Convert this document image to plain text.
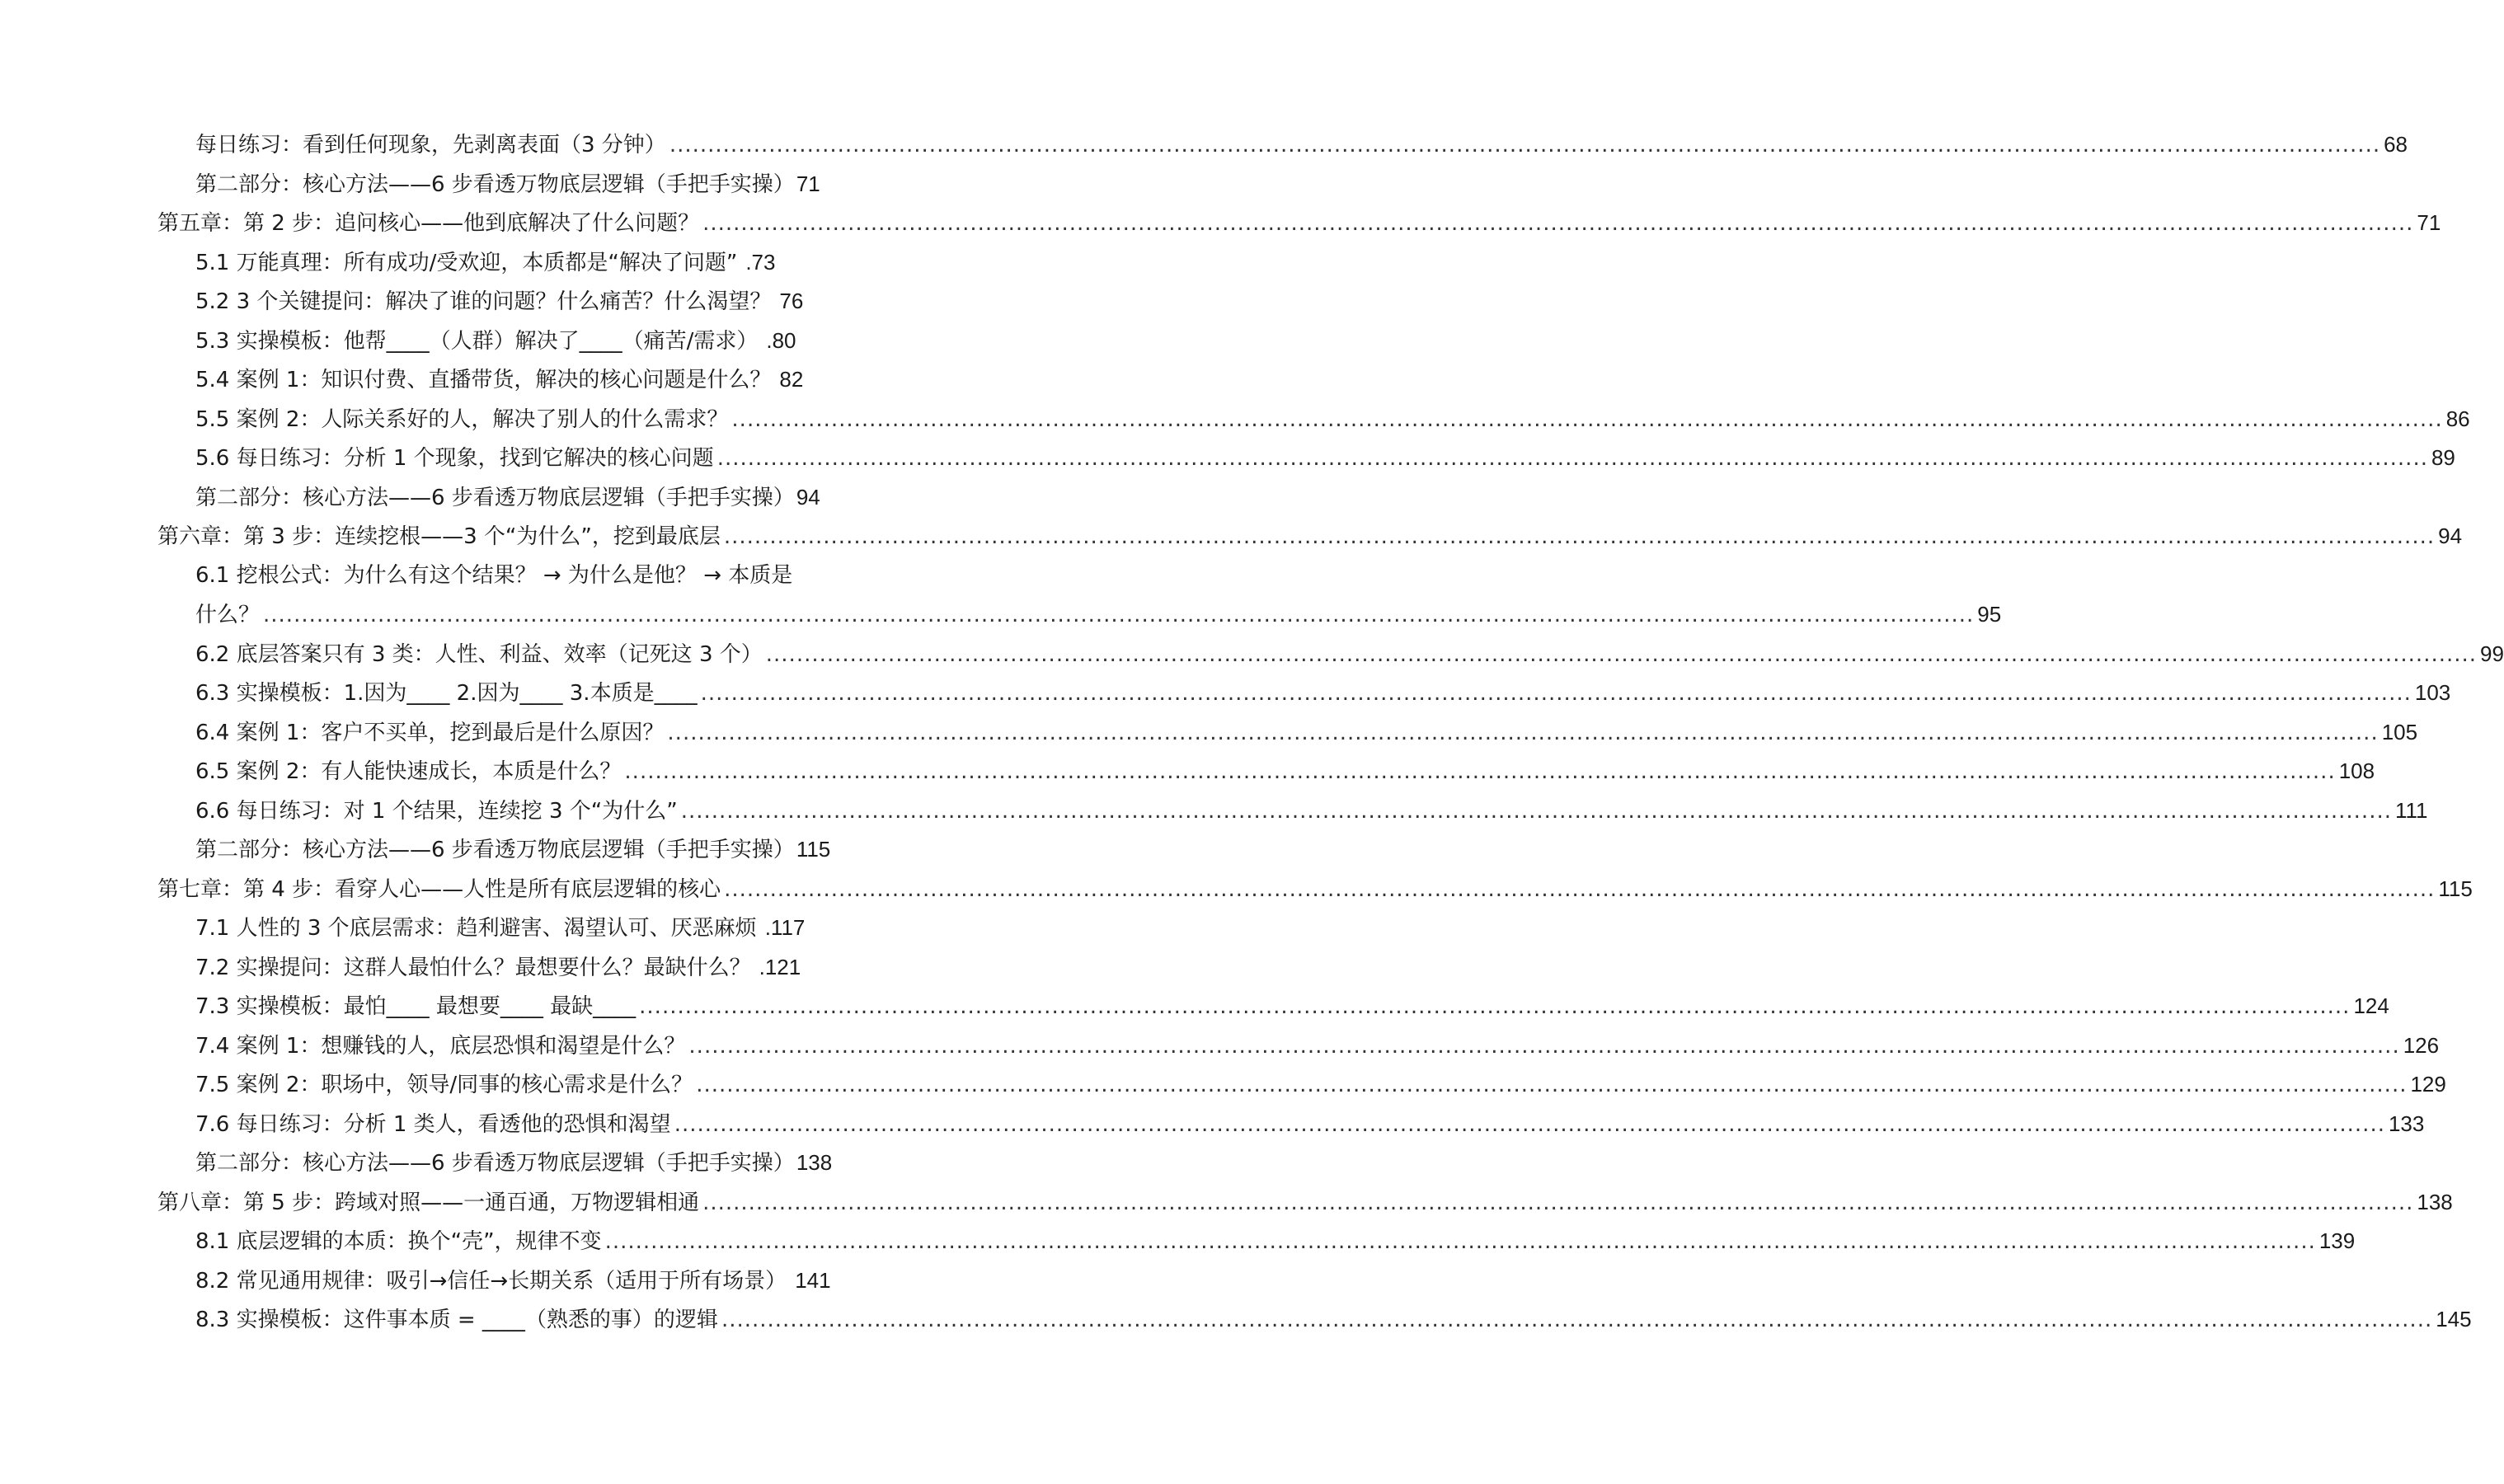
每日练习：看到任何现象，先剥离表面（3 分钟） .....	68
第二部分：核心方法——6 步看透万物底层逻辑（手把手实操） 71
第五章：第 2 步：追问核心——他到底解决了什么问题？ .....	71
5.1 万能真理：所有成功/受欢迎，本质都是“解决了问题” .73
5.2 3 个关键提问：解决了谁的问题？什么痛苦？什么渴望？ 76
5.3 实操模板：他帮____（人群）解决了____（痛苦/需求） .80
5.4 案例 1：知识付费、直播带货，解决的核心问题是什么？ 82
5.5 案例 2：人际关系好的人，解决了别人的什么需求？ .....	86
5.6 每日练习：分析 1 个现象，找到它解决的核心问题 .....	89
第二部分：核心方法——6 步看透万物底层逻辑（手把手实操） 94
第六章：第 3 步：连续挖根——3 个“为什么”，挖到最底层 .....	94
6.1 挖根公式：为什么有这个结果？ → 为什么是他？ → 本质是
什么？ .....	95
6.2 底层答案只有 3 类：人性、利益、效率（记死这 3 个） .....	99
6.3 实操模板：1.因为____ 2.因为____ 3.本质是____ .....	103
6.4 案例 1：客户不买单，挖到最后是什么原因？ .....	105
6.5 案例 2：有人能快速成长，本质是什么？ .....	108
6.6 每日练习：对 1 个结果，连续挖 3 个“为什么” .....	111
第二部分：核心方法——6 步看透万物底层逻辑（手把手实操） 115
第七章：第 4 步：看穿人心——人性是所有底层逻辑的核心 .....	115
7.1 人性的 3 个底层需求：趋利避害、渴望认可、厌恶麻烦 .117
7.2 实操提问：这群人最怕什么？最想要什么？最缺什么？ .121
7.3 实操模板：最怕____ 最想要____ 最缺____ .....	124
7.4 案例 1：想赚钱的人，底层恐惧和渴望是什么？ .....	126
7.5 案例 2：职场中，领导/同事的核心需求是什么？ .....	129
7.6 每日练习：分析 1 类人，看透他的恐惧和渴望 .....	133
第二部分：核心方法——6 步看透万物底层逻辑（手把手实操） 138
第八章：第 5 步：跨域对照——一通百通，万物逻辑相通 .....	138
8.1 底层逻辑的本质：换个“壳”，规律不变 .....	139
8.2 常见通用规律：吸引→信任→长期关系（适用于所有场景） 141
8.3 实操模板：这件事本质 = ____（熟悉的事）的逻辑 .....	145
